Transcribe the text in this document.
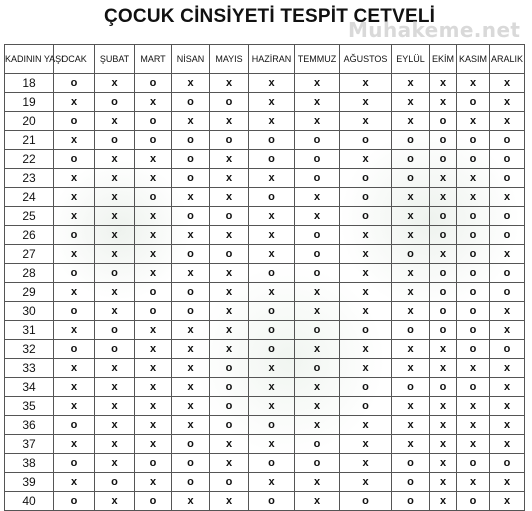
ÇOCUK CİNSİYETİ TESPİT CETVELİ
Muhakeme.net
KADININ YAŞI	OCAK	ŞUBAT	MART	NİSAN	MAYIS	HAZİRAN	TEMMUZ	AĞUSTOS	EYLÜL	EKİM	KASIM	ARALIK
18	o	x	o	x	x	x	x	x	x	x	x	x
19	x	o	x	o	o	x	x	x	x	x	o	x
20	o	x	o	x	x	x	x	x	x	o	x	x
21	x	o	o	o	o	o	o	o	o	o	o	o
22	o	x	x	o	x	o	o	x	o	o	o	o
23	x	x	x	o	x	x	o	o	o	x	x	o
24	x	x	o	x	x	o	x	o	x	x	x	x
25	x	x	x	o	o	x	x	o	x	o	o	o
26	o	x	x	x	x	x	o	x	x	o	o	o
27	x	x	x	o	o	x	o	x	o	x	o	x
28	o	o	x	x	x	o	o	x	x	o	o	o
29	x	x	o	o	x	x	x	x	x	o	o	o
30	o	x	o	o	x	o	x	x	x	o	o	x
31	x	o	x	x	x	o	o	o	o	o	o	x
32	o	o	x	x	x	o	x	x	x	x	o	o
33	x	x	x	x	o	x	o	x	x	x	x	x
34	x	x	x	x	o	x	x	o	o	o	o	x
35	x	x	x	x	o	x	x	o	x	x	x	x
36	o	x	x	x	o	o	x	x	x	x	x	x
37	x	x	x	o	x	x	o	x	x	x	x	x
38	o	x	o	o	x	o	o	x	o	x	o	o
39	x	o	x	o	o	x	x	x	o	x	x	x
40	o	x	o	x	x	o	x	o	o	x	o	x
